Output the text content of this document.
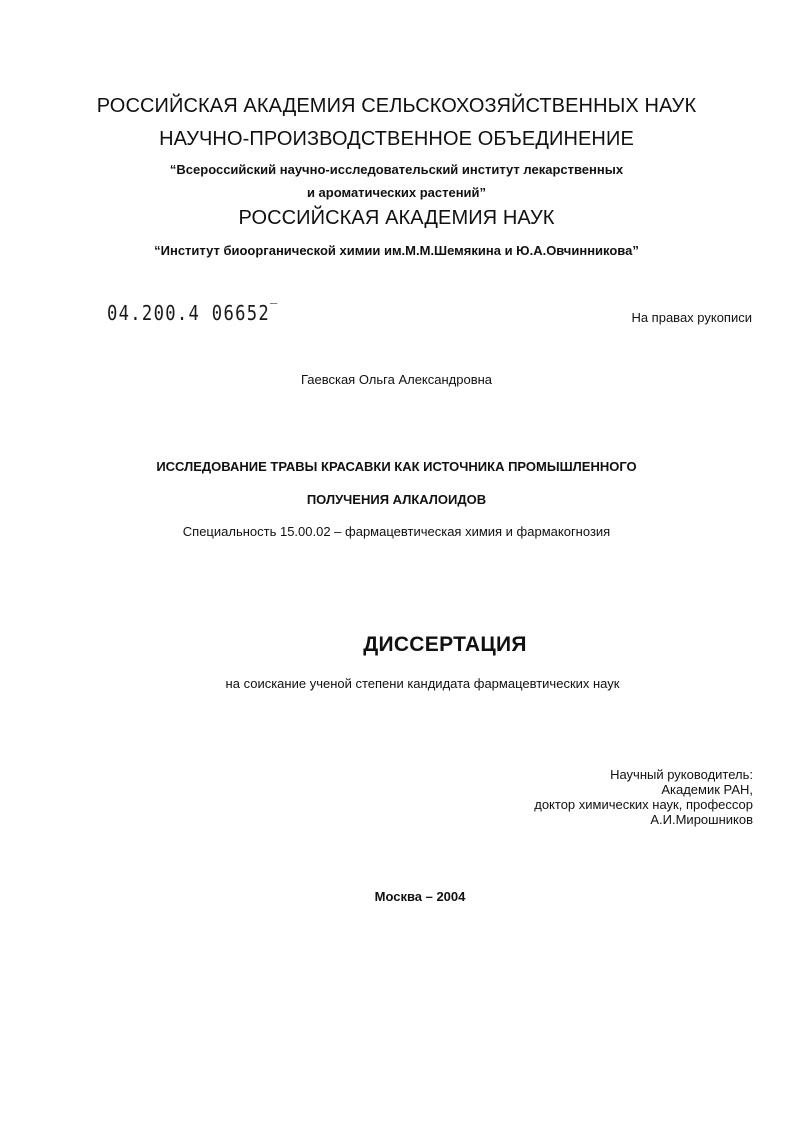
РОССИЙСКАЯ АКАДЕМИЯ СЕЛЬСКОХОЗЯЙСТВЕННЫХ НАУК
НАУЧНО-ПРОИЗВОДСТВЕННОЕ ОБЪЕДИНЕНИЕ
“Всероссийский научно-исследовательский институт лекарственных
и ароматических растений”
РОССИЙСКАЯ АКАДЕМИЯ НАУК
“Институт биоорганической химии им.М.М.Шемякина и Ю.А.Овчинникова”
04.200.4 06652‾	На правах рукописи
Гаевская Ольга Александровна
ИССЛЕДОВАНИЕ ТРАВЫ КРАСАВКИ КАК ИСТОЧНИКА ПРОМЫШЛЕННОГО
ПОЛУЧЕНИЯ АЛКАЛОИДОВ
Специальность 15.00.02 – фармацевтическая химия и фармакогнозия
ДИССЕРТАЦИЯ
на соискание ученой степени кандидата фармацевтических наук
Научный руководитель:
Академик РАН,
доктор химических наук, профессор
А.И.Мирошников
Москва – 2004
